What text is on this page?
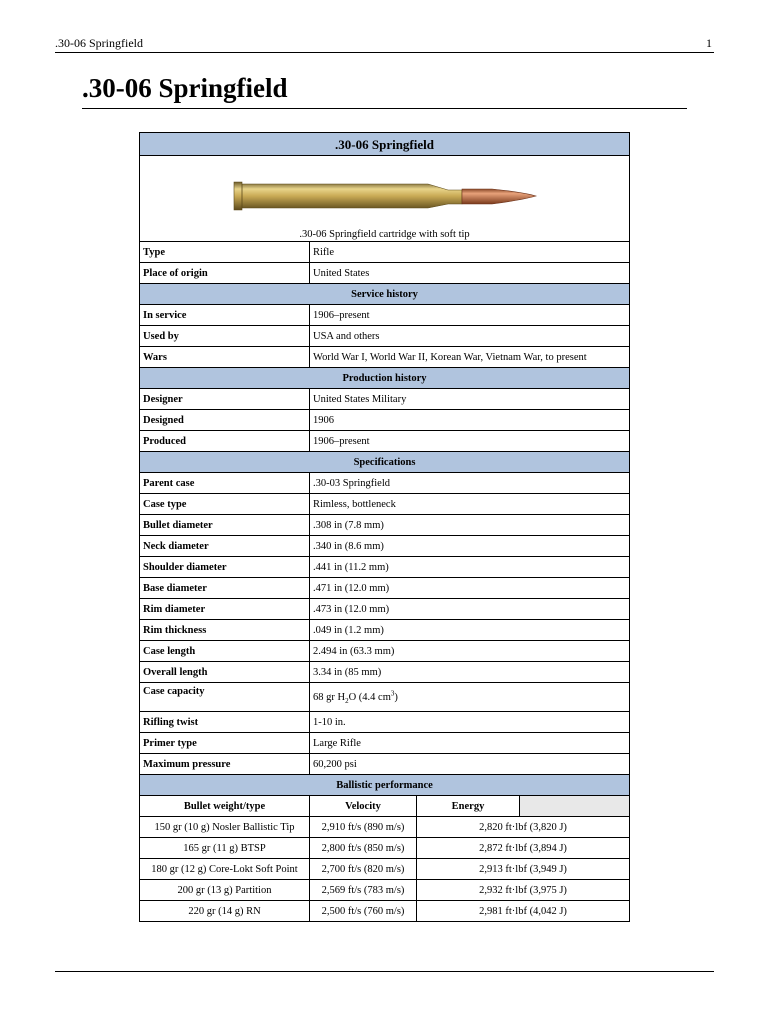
.30-06 Springfield	1
.30-06 Springfield
.30-06 Springfield			

.30-06 Springfield cartridge with soft tip			

Type	Rifle		
Place of origin	United States		
Service history			
In service	1906–present		
Used by	USA and others		
Wars	World War I, World War II, Korean War, Vietnam War, to present		
Production history			
Designer	United States Military		
Designed	1906		
Produced	1906–present		
Specifications			
Parent case	.30-03 Springfield		
Case type	Rimless, bottleneck		
Bullet diameter	.308 in (7.8 mm)		
Neck diameter	.340 in (8.6 mm)		
Shoulder diameter	.441 in (11.2 mm)		
Base diameter	.471 in (12.0 mm)		
Rim diameter	.473 in (12.0 mm)		
Rim thickness	.049 in (1.2 mm)		
Case length	2.494 in (63.3 mm)		
Overall length	3.34 in (85 mm)		
Case capacity	68 gr $H_2O$ (4.4 $cm^3$)		
Rifling twist	1-10 in.		
Primer type	Large Rifle		
Maximum pressure	60,200 psi		
Ballistic performance			
Bullet weight/type	Velocity	Energy	
150 gr (10 g) Nosler Ballistic Tip	2,910 ft/s (890 m/s)	2,820 ft·lbf (3,820 J)	
165 gr (11 g) BTSP	2,800 ft/s (850 m/s)	2,872 ft·lbf (3,894 J)	
180 gr (12 g) Core-Lokt Soft Point	2,700 ft/s (820 m/s)	2,913 ft·lbf (3,949 J)	
200 gr (13 g) Partition	2,569 ft/s (783 m/s)	2,932 ft·lbf (3,975 J)	
220 gr (14 g) RN	2,500 ft/s (760 m/s)	2,981 ft·lbf (4,042 J)	
